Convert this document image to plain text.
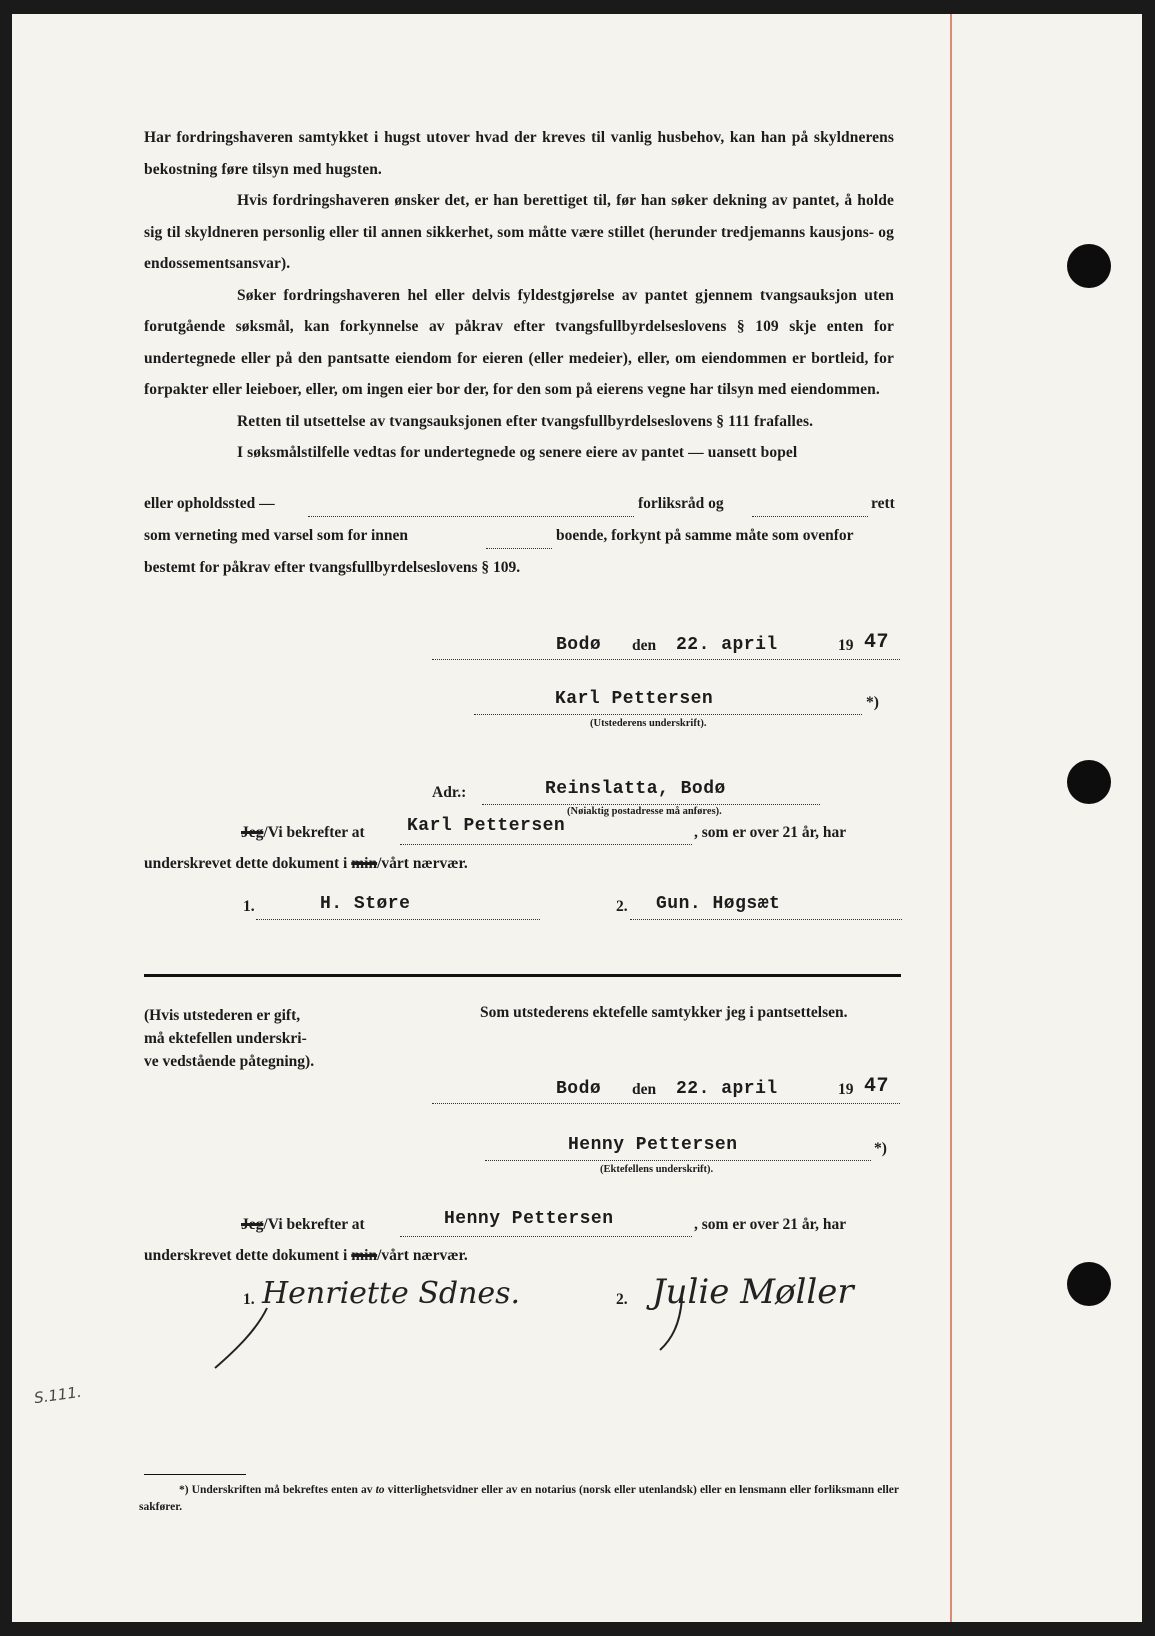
Har fordringshaveren samtykket i hugst utover hvad der kreves til vanlig husbehov, kan han på skyldnerens bekostning føre tilsyn med hugsten.

Hvis fordringshaveren ønsker det, er han berettiget til, før han søker dekning av pantet, å holde sig til skyldneren personlig eller til annen sikkerhet, som måtte være stillet (herunder tredjemanns kausjons- og endossementsansvar).

Søker fordringshaveren hel eller delvis fyldestgjørelse av pantet gjennem tvangsauksjon uten forutgående søksmål, kan forkynnelse av påkrav efter tvangsfullbyrdelseslovens § 109 skje enten for undertegnede eller på den pantsatte eiendom for eieren (eller medeier), eller, om eiendommen er bortleid, for forpakter eller leieboer, eller, om ingen eier bor der, for den som på eierens vegne har tilsyn med eiendommen.

Retten til utsettelse av tvangsauksjonen efter tvangsfullbyrdelseslovens § 111 frafalles.

I søksmålstilfelle vedtas for undertegnede og senere eiere av pantet — uansett bopel

eller opholdssted —	forliksråd og	rett
som verneting med varsel som for innen	boende, forkynt på samme måte som ovenfor
bestemt for påkrav efter tvangsfullbyrdelseslovens § 109.
Bodø den 22. april	19 47
Karl Pettersen	*)
(Utstederens underskrift).
Adr.:	Reinslatta, Bodø
(Nøiaktig postadresse må anføres).
Jeg/Vi bekrefter at Karl Pettersen	, som er over 21 år, har
underskrevet dette dokument i min/vårt nærvær.
1.	H. Støre	2. Gun. Høgsæt
(Hvis utstederen er gift,
må ektefellen underskri-
ve vedstående påtegning).
Som utstederens ektefelle samtykker jeg i pantsettelsen.
Bodø den 22. april	19 47
Henny Pettersen	*)
(Ektefellens underskrift).
Jeg/Vi bekrefter at	Henny Pettersen	, som er over 21 år, har
underskrevet dette dokument i min/vårt nærvær.
1. Henriette Sdnes.	2. Julie Møller
S.111.
*) Underskriften må bekreftes enten av to vitterlighetsvidner eller av en notarius (norsk eller utenlandsk) eller en lensmann eller forliksmann eller sakfører.
